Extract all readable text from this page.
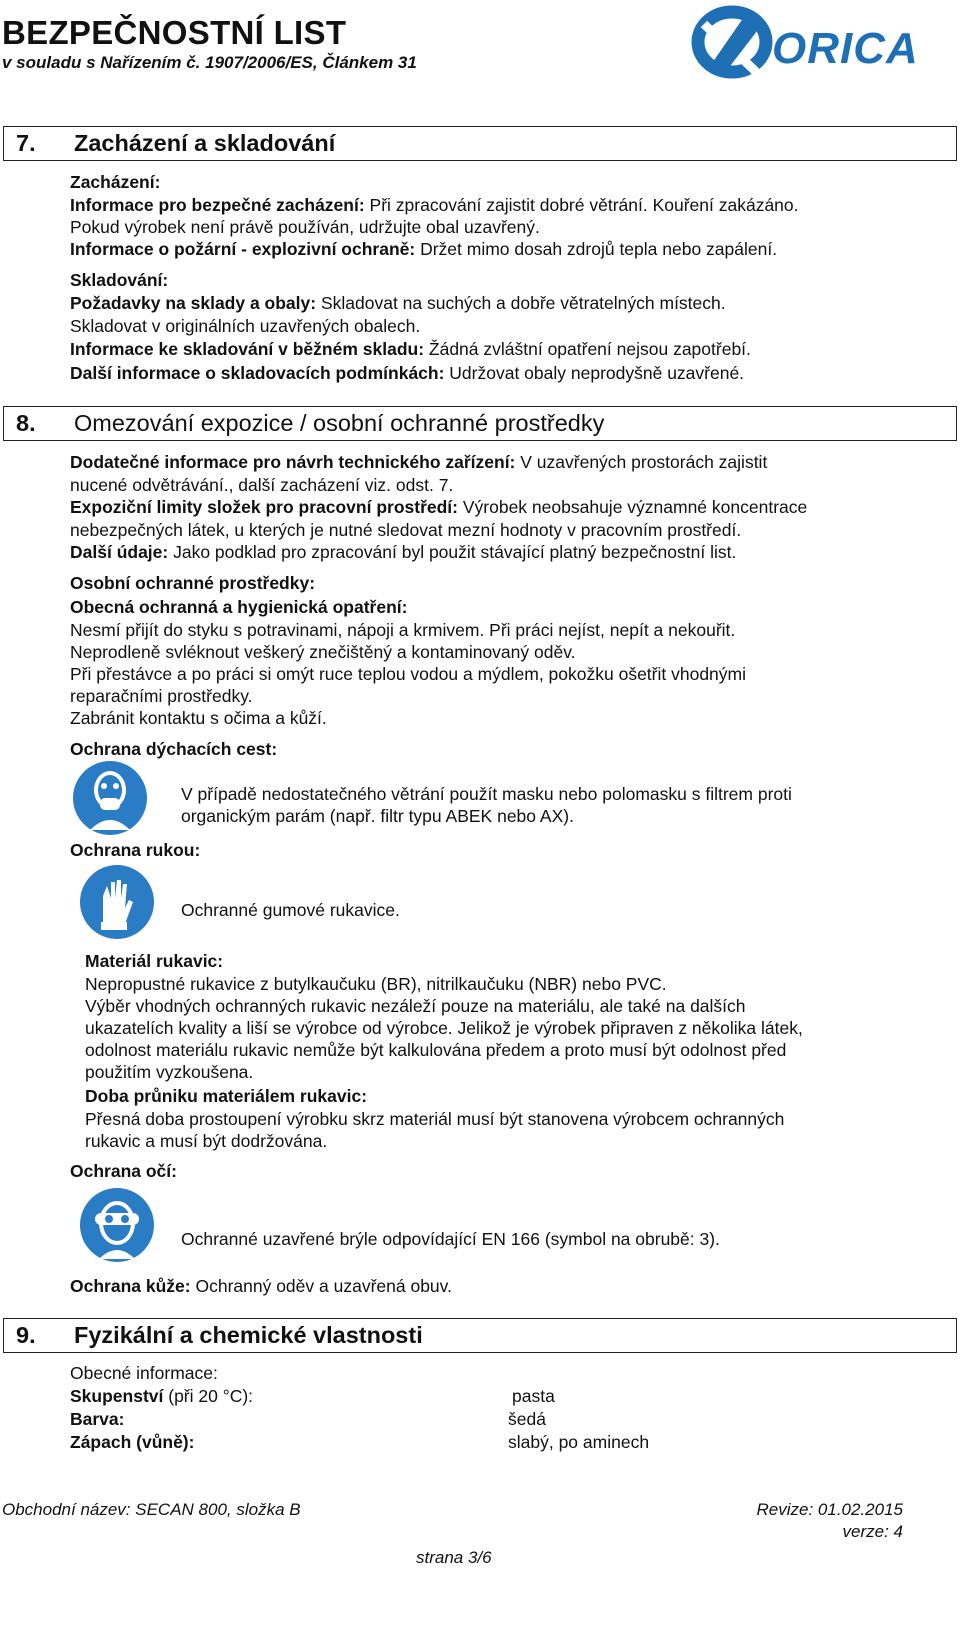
BEZPEČNOSTNÍ LIST
v souladu s Nařízením č. 1907/2006/ES, Článkem 31	ORICA
7. Zacházení a skladování
Zacházení:
Informace pro bezpečné zacházení: Při zpracování zajistit dobré větrání. Kouření zakázáno.
Pokud výrobek není právě používán, udržujte obal uzavřený.
Informace o požární - explozivní ochraně: Držet mimo dosah zdrojů tepla nebo zapálení.
Skladování:
Požadavky na sklady a obaly: Skladovat na suchých a dobře větratelných místech.
Skladovat v originálních uzavřených obalech.
Informace ke skladování v běžném skladu: Žádná zvláštní opatření nejsou zapotřebí.
Další informace o skladovacích podmínkách: Udržovat obaly neprodyšně uzavřené.
8. Omezování expozice / osobní ochranné prostředky
Dodatečné informace pro návrh technického zařízení: V uzavřených prostorách zajistit
nucené odvětrávání., další zacházení viz. odst. 7.
Expoziční limity složek pro pracovní prostředí: Výrobek neobsahuje významné koncentrace
nebezpečných látek, u kterých je nutné sledovat mezní hodnoty v pracovním prostředí.
Další údaje: Jako podklad pro zpracování byl použit stávající platný bezpečnostní list.
Osobní ochranné prostředky:
Obecná ochranná a hygienická opatření:
Nesmí přijít do styku s potravinami, nápoji a krmivem. Při práci nejíst, nepít a nekouřit.
Neprodleně svléknout veškerý znečištěný a kontaminovaný oděv.
Při přestávce a po práci si omýt ruce teplou vodou a mýdlem, pokožku ošetřit vhodnými
reparačními prostředky.
Zabránit kontaktu s očima a kůží.
Ochrana dýchacích cest:
V případě nedostatečného větrání použít masku nebo polomasku s filtrem proti
organickým parám (např. filtr typu ABEK nebo AX).
Ochrana rukou:
Ochranné gumové rukavice.
Materiál rukavic:
Nepropustné rukavice z butylkaučuku (BR), nitrilkaučuku (NBR) nebo PVC.
Výběr vhodných ochranných rukavic nezáleží pouze na materiálu, ale také na dalších
ukazatelích kvality a liší se výrobce od výrobce. Jelikož je výrobek připraven z několika látek,
odolnost materiálu rukavic nemůže být kalkulována předem a proto musí být odolnost před
použitím vyzkoušena.
Doba průniku materiálem rukavic:
Přesná doba prostoupení výrobku skrz materiál musí být stanovena výrobcem ochranných
rukavic a musí být dodržována.
Ochrana očí:
Ochranné uzavřené brýle odpovídající EN 166 (symbol na obrubě: 3).
Ochrana kůže: Ochranný oděv a uzavřená obuv.
9. Fyzikální a chemické vlastnosti
Obecné informace:
Skupenství (při 20 °C):	pasta
Barva:	šedá
Zápach (vůně):	slabý, po aminech
Obchodní název: SECAN 800, složka B	Revize: 01.02.2015
verze: 4
strana 3/6
